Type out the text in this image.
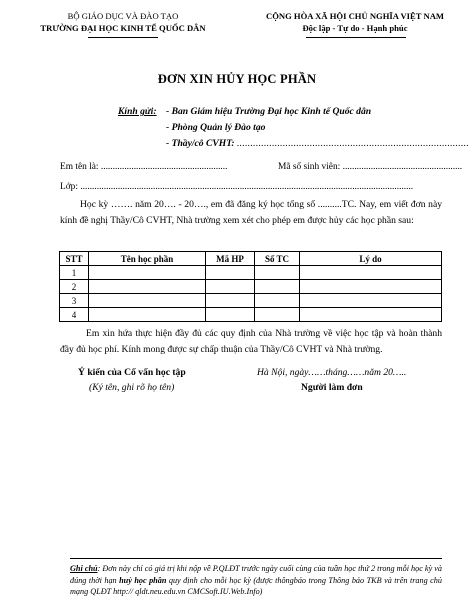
BỘ GIÁO DỤC VÀ ĐÀO TẠO
TRƯỜNG ĐẠI HỌC KINH TẾ QUỐC DÂN
CỘNG HÒA XÃ HỘI CHỦ NGHĨA VIỆT NAM
Độc lập - Tự do - Hạnh phúc
ĐƠN XIN HỦY HỌC PHẦN
Kính gửi: - Ban Giám hiệu Trường Đại học Kinh tế Quốc dân
- Phòng Quản lý Đào tạo
- Thầy/cô CVHT: ......................................................................................
Em tên là: ......................................................	Mã số sinh viên: ...................................................
Lớp: ..............................................................................................................................................
Học kỳ ……. năm 20…. - 20…., em đã đăng ký học tổng số ..........TC. Nay, em viết đơn này kính đề nghị Thầy/Cô CVHT, Nhà trường xem xét cho phép em được hủy các học phần sau:
STT	Tên học phần	Mã HP	Số TC	Lý do
1				
2				
3				
4				
Em xin hứa thực hiện đầy đủ các quy định của Nhà trường về việc học tập và hoàn thành đầy đủ học phí. Kính mong được sự chấp thuận của Thầy/Cô CVHT và Nhà trường.
Ý kiến của Cố vấn học tập
(Ký tên, ghi rõ họ tên)
Hà Nội, ngày……tháng……năm 20…..
Người làm đơn
Ghi chú: Đơn này chỉ có giá trị khi nộp về P.QLĐT trước ngày cuối cùng của tuần học thứ 2 trong mỗi học kỳ và đúng thời hạn huỷ học phần quy định cho mỗi học kỳ (được thôngbáo trong Thông báo TKB và trên trang chủ mạng QLĐT http:// qldt.neu.edu.vn CMCSoft.IU.Web.Info)
